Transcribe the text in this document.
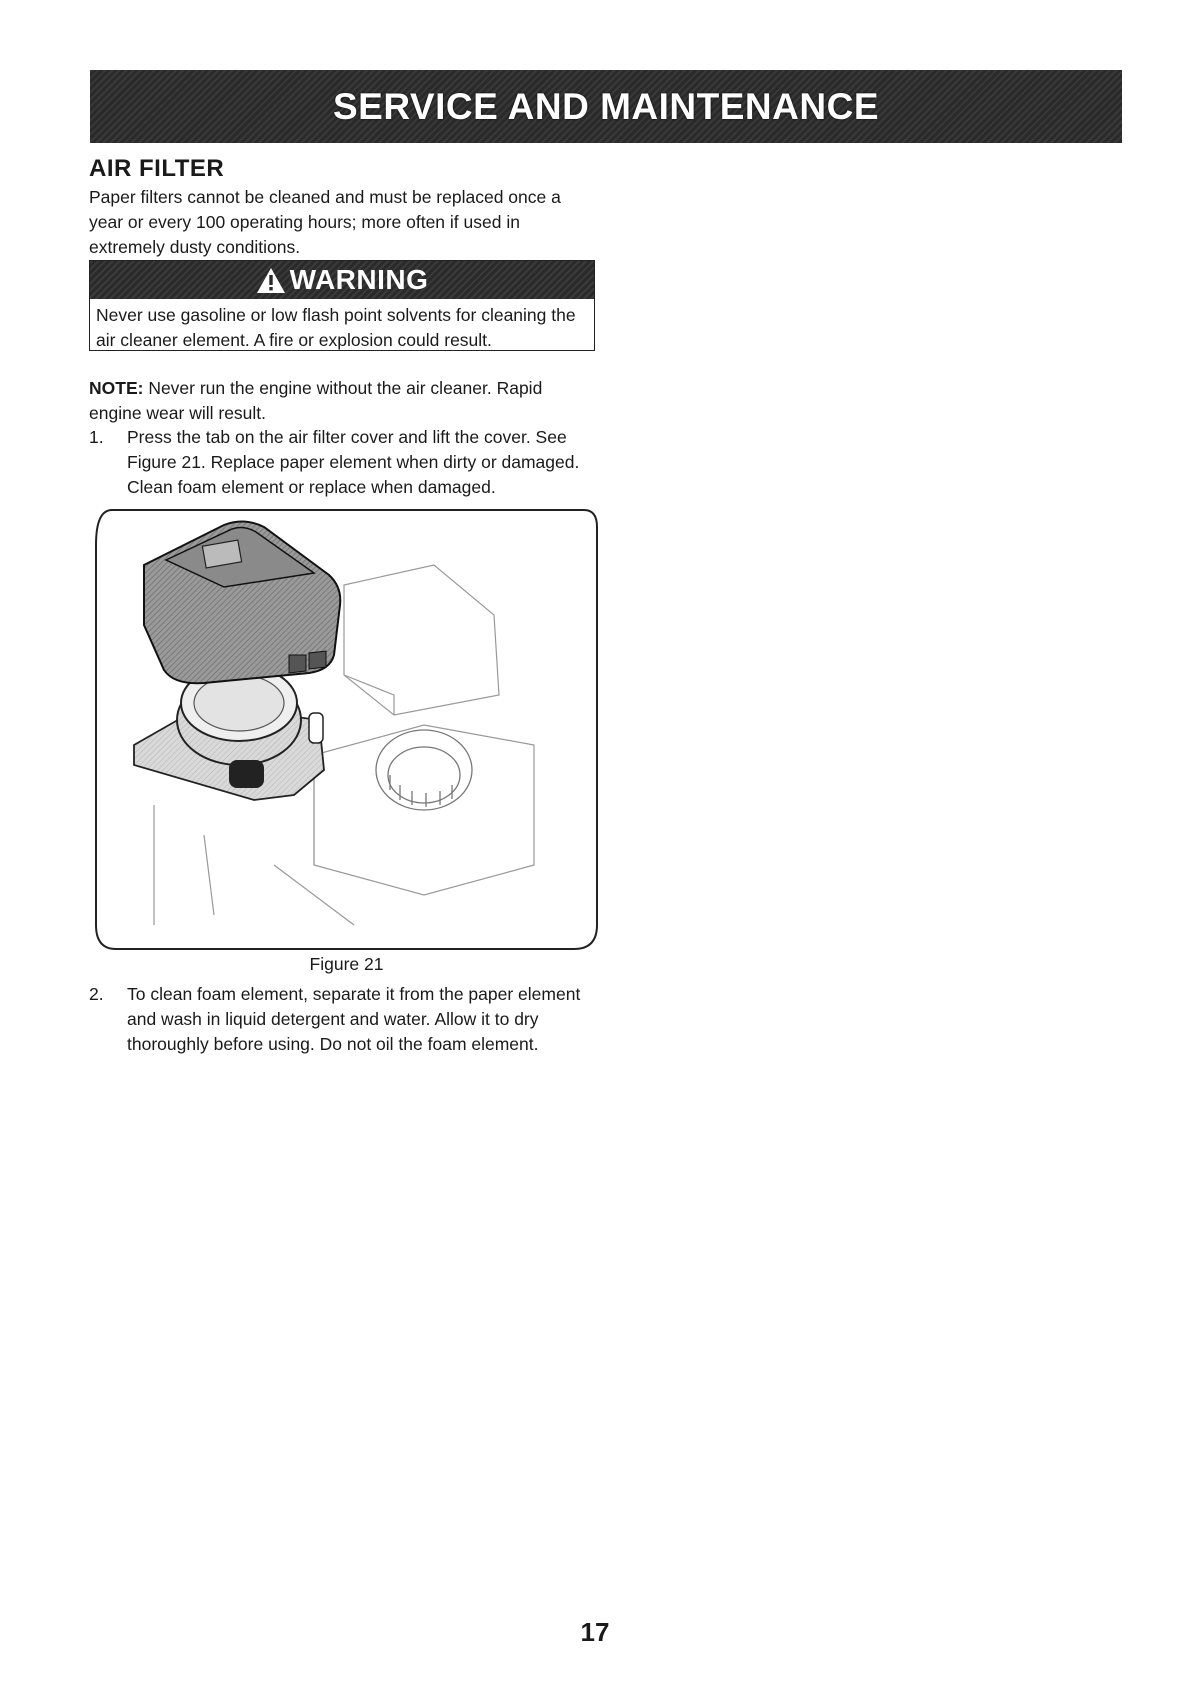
SERVICE AND MAINTENANCE
AIR FILTER

Paper filters cannot be cleaned and must be replaced once a year or every 100 operating hours; more often if used in extremely dusty conditions.

WARNING
Never use gasoline or low flash point solvents for cleaning the air cleaner element. A fire or explosion could result.

NOTE: Never run the engine without the air cleaner. Rapid engine wear will result.

1. Press the tab on the air filter cover and lift the cover. See Figure 21. Replace paper element when dirty or damaged. Clean foam element or replace when damaged.
Figure 21
2. To clean foam element, separate it from the paper element and wash in liquid detergent and water. Allow it to dry thoroughly before using. Do not oil the foam element.
17
